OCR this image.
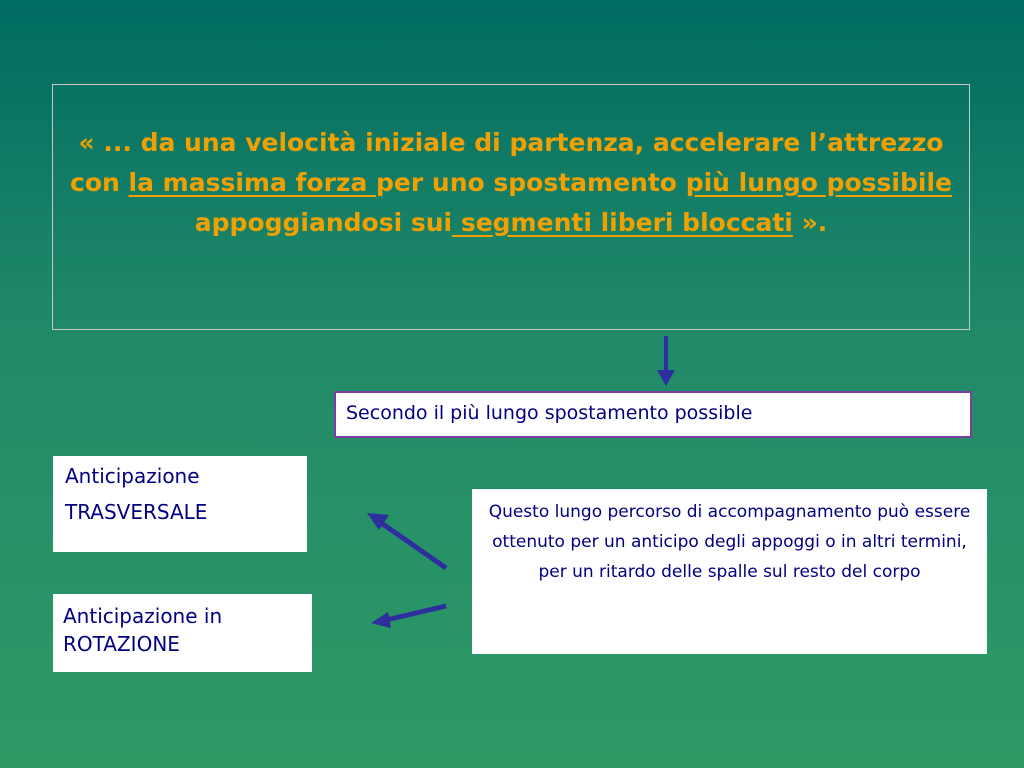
« ... da una velocità iniziale di partenza, accelerare l’attrezzo con la massima forza per uno spostamento più lungo possibile appoggiandosi sui segmenti liberi bloccati ».
Secondo il più lungo spostamento possible
Anticipazione
TRASVERSALE
Anticipazione in
ROTAZIONE
Questo lungo percorso di accompagnamento può essere ottenuto per un anticipo degli appoggi o in altri termini, per un ritardo delle spalle sul resto del corpo
